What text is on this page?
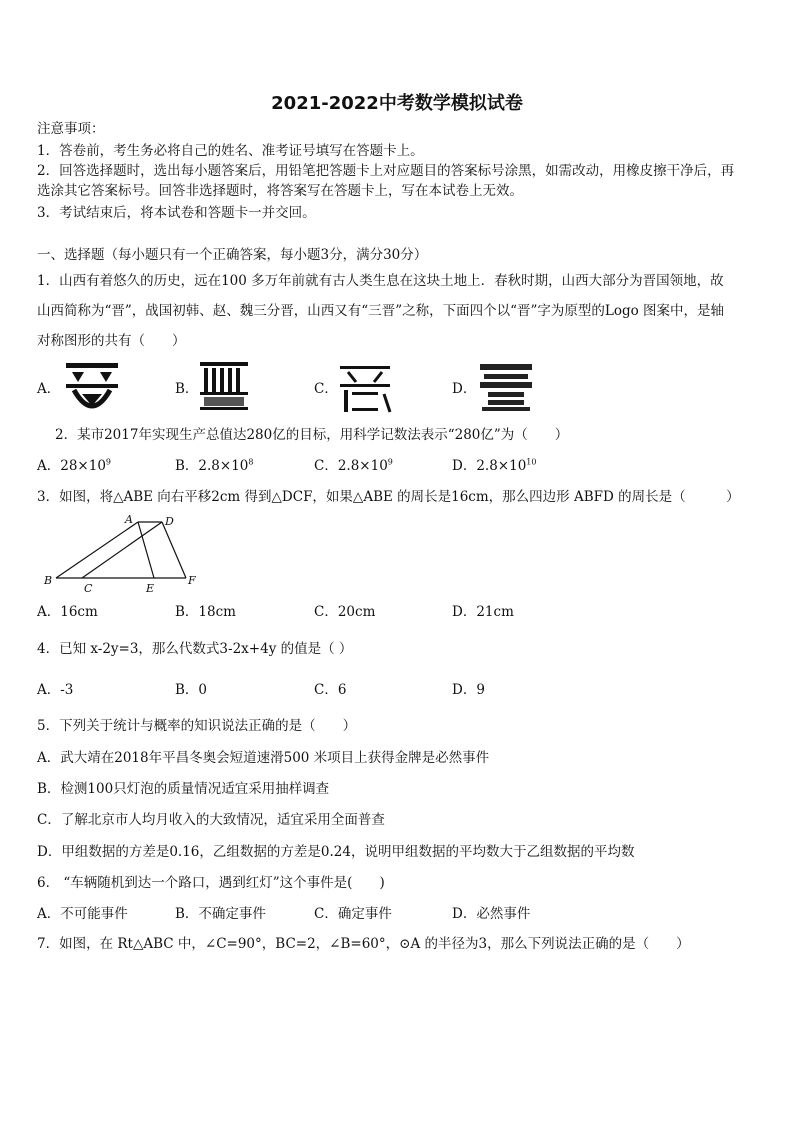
2021-2022中考数学模拟试卷
注意事项：
1．答卷前，考生务必将自己的姓名、准考证号填写在答题卡上。
2．回答选择题时，选出每小题答案后，用铅笔把答题卡上对应题目的答案标号涂黑，如需改动，用橡皮擦干净后，再
选涂其它答案标号。回答非选择题时，将答案写在答题卡上，写在本试卷上无效。
3．考试结束后，将本试卷和答题卡一并交回。
一、选择题（每小题只有一个正确答案，每小题3分，满分30分）
1．山西有着悠久的历史，远在100 多万年前就有古人类生息在这块土地上．春秋时期，山西大部分为晋国领地，故
山西简称为“晋”，战国初韩、赵、魏三分晋，山西又有“三晋”之称，下面四个以“晋”字为原型的Logo 图案中，是轴
对称图形的共有（　　）
A．	B．	C．	D．
2．某市2017年实现生产总值达280亿的目标，用科学记数法表示“280亿”为（　　）
A．$28\times 10^9$	B．$2.8\times 10^8$	C．$2.8\times 10^9$	D．$2.8\times 10^{10}$
3．如图，将△ABE 向右平移2cm 得到△DCF，如果△ABE 的周长是16cm，那么四边形 ABFD 的周长是（　　　）
A	D
B
C	E
F
A．16cm	B．18cm	C．20cm	D．21cm
4．已知 x-2y=3，那么代数式3-2x+4y 的值是（ ）
A．-3	B．0	C．6	D．9
5．下列关于统计与概率的知识说法正确的是（　　）
A．武大靖在2018年平昌冬奥会短道速滑500 米项目上获得金牌是必然事件
B．检测100只灯泡的质量情况适宜采用抽样调查
C．了解北京市人均月收入的大致情况，适宜采用全面普查
D．甲组数据的方差是0.16，乙组数据的方差是0.24，说明甲组数据的平均数大于乙组数据的平均数
6． “车辆随机到达一个路口，遇到红灯”这个事件是(　　)
A．不可能事件	B．不确定事件	C．确定事件	D．必然事件
7．如图，在 Rt△ABC 中，∠C=90°，BC=2，∠B=60°，⊙A 的半径为3，那么下列说法正确的是（　　）
